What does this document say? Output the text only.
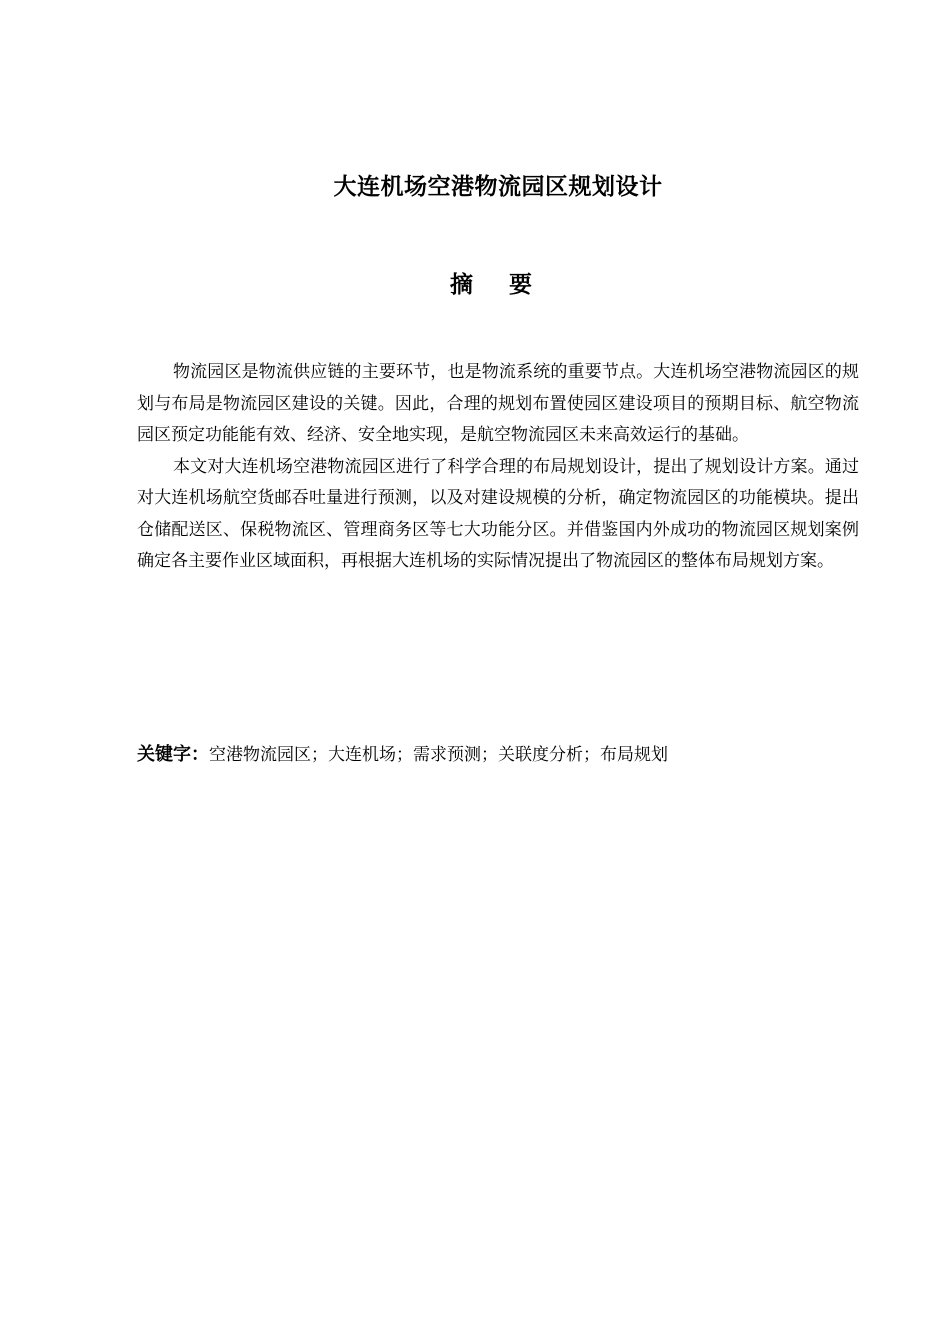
大连机场空港物流园区规划设计
摘 要

物流园区是物流供应链的主要环节，也是物流系统的重要节点。大连机场空港物流园区的规划与布局是物流园区建设的关键。因此，合理的规划布置使园区建设项目的预期目标、航空物流园区预定功能能有效、经济、安全地实现，是航空物流园区未来高效运行的基础。

本文对大连机场空港物流园区进行了科学合理的布局规划设计，提出了规划设计方案。通过对大连机场航空货邮吞吐量进行预测，以及对建设规模的分析，确定物流园区的功能模块。提出仓储配送区、保税物流区、管理商务区等七大功能分区。并借鉴国内外成功的物流园区规划案例确定各主要作业区域面积，再根据大连机场的实际情况提出了物流园区的整体布局规划方案。

关键字：空港物流园区；大连机场；需求预测；关联度分析；布局规划
